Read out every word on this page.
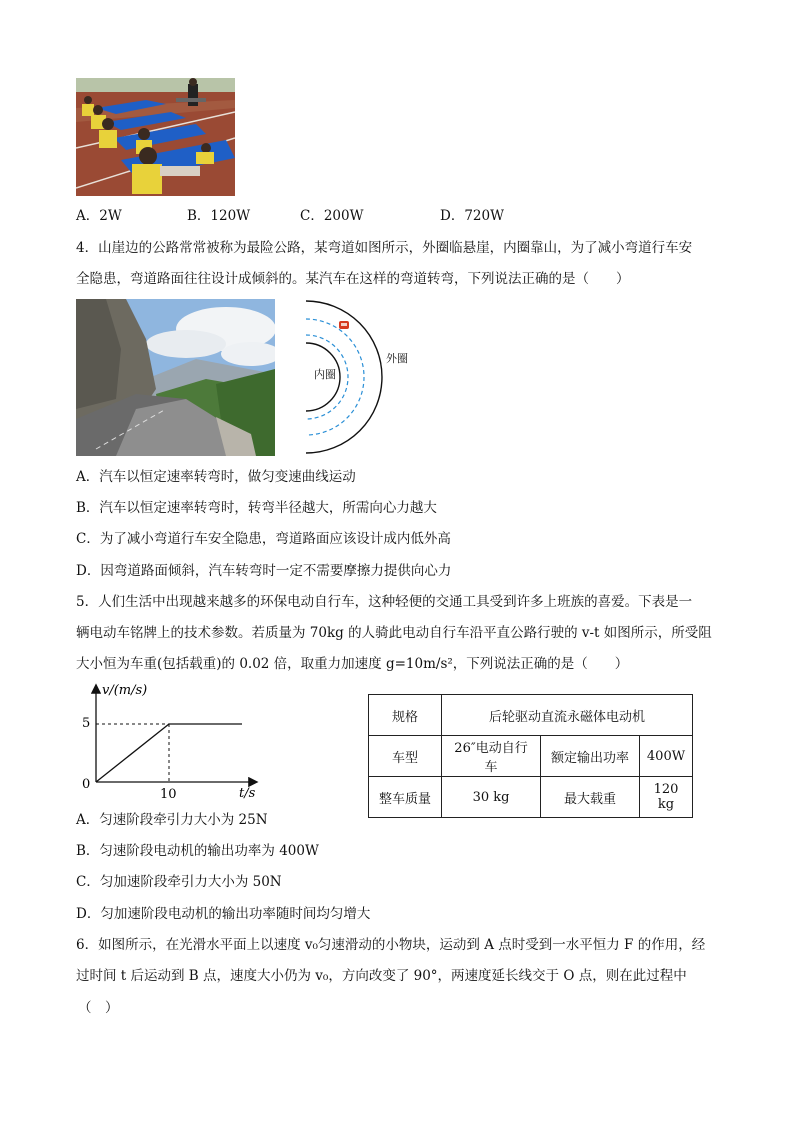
A．2W	B．120W	C．200W	D．720W
4．山崖边的公路常常被称为最险公路，某弯道如图所示，外圈临悬崖，内圈靠山，为了减小弯道行车安
全隐患，弯道路面往往设计成倾斜的。某汽车在这样的弯道转弯，下列说法正确的是（　　）
内圈
外圈
A．汽车以恒定速率转弯时，做匀变速曲线运动
B．汽车以恒定速率转弯时，转弯半径越大，所需向心力越大
C．为了减小弯道行车安全隐患，弯道路面应该设计成内低外高
D．因弯道路面倾斜，汽车转弯时一定不需要摩擦力提供向心力
5．人们生活中出现越来越多的环保电动自行车，这种轻便的交通工具受到许多上班族的喜爱。下表是一
辆电动车铭牌上的技术参数。若质量为 70kg 的人骑此电动自行车沿平直公路行驶的 v-t 如图所示，所受阻
大小恒为车重(包括载重)的 0.02 倍，取重力加速度 g=10m/s²，下列说法正确的是（　　）
v/(m/s)
t/s
5
10
0
规格	后轮驱动直流永磁体电动机		
车型	26″电动自行车	额定输出功率	400W
整车质量	30 kg	最大载重	120 kg
A．匀速阶段牵引力大小为 25N
B．匀速阶段电动机的输出功率为 400W
C．匀加速阶段牵引力大小为 50N
D．匀加速阶段电动机的输出功率随时间均匀增大
6．如图所示，在光滑水平面上以速度 v₀匀速滑动的小物块，运动到 A 点时受到一水平恒力 F 的作用，经
过时间 t 后运动到 B 点，速度大小仍为 v₀，方向改变了 90°，两速度延长线交于 O 点，则在此过程中
（　）
